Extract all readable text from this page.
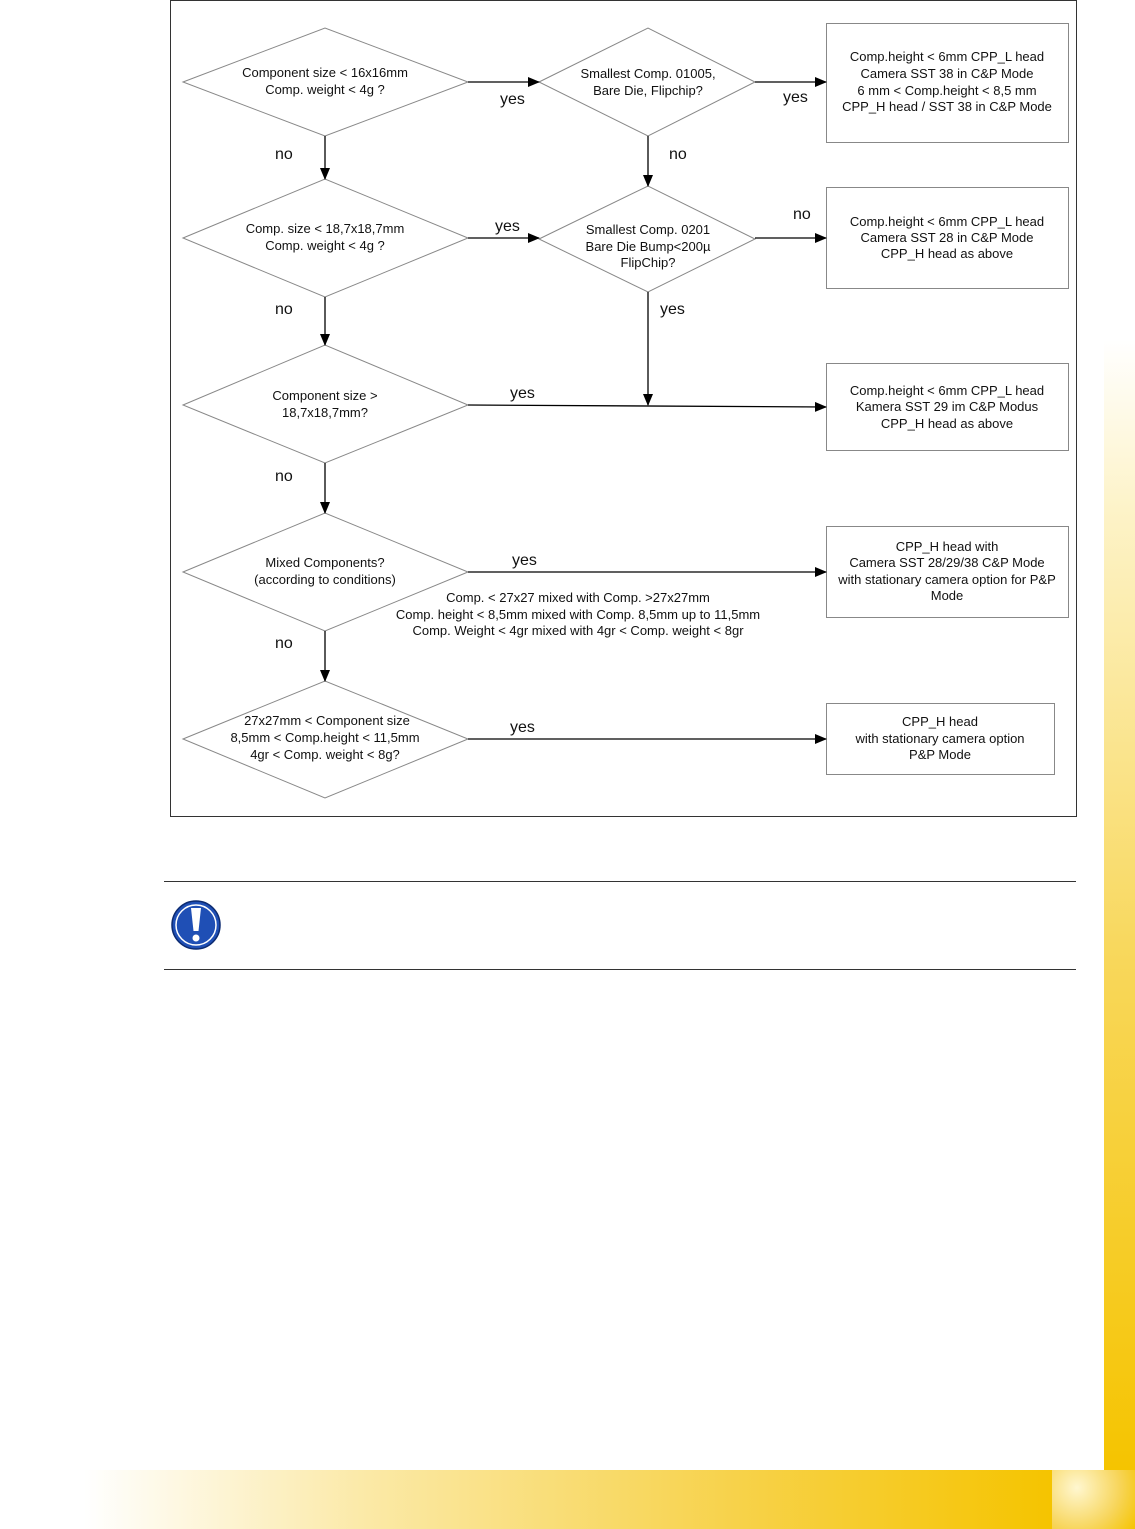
Component size < 16x16mm
Comp. weight < 4g ?
Comp. size < 18,7x18,7mm
Comp. weight < 4g ?
Component size >
18,7x18,7mm?
Mixed Components?
(according to conditions)
27x27mm < Component size
8,5mm < Comp.height < 11,5mm
4gr < Comp. weight < 8g?
Smallest Comp. 01005,
Bare Die, Flipchip?
Smallest Comp. 0201
Bare Die Bump<200µ
FlipChip?
Comp.height < 6mm CPP_L head
Camera SST 38 in C&P Mode
6 mm < Comp.height < 8,5 mm
CPP_H head / SST 38 in C&P Mode
Comp.height < 6mm CPP_L head
Camera SST 28 in C&P Mode
CPP_H head as above
Comp.height < 6mm CPP_L head
Kamera SST 29 im C&P Modus
CPP_H head as above
CPP_H head with
Camera SST 28/29/38 C&P Mode
with stationary camera option for P&P
Mode
CPP_H head
with stationary camera option
P&P Mode
yes	yes
no	no
yes
no
no	yes
yes
no
yes
no
yes
Comp. < 27x27 mixed with Comp. >27x27mm
Comp. height < 8,5mm mixed with Comp. 8,5mm up to 11,5mm
Comp. Weight < 4gr mixed with 4gr < Comp. weight < 8gr
